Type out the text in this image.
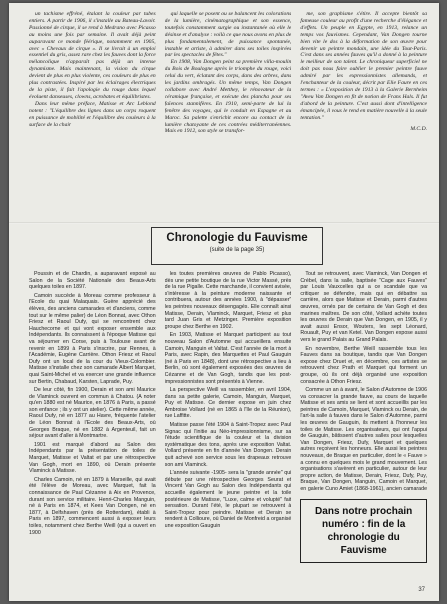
un tachisme effréné, étalant la couleur par tubes entiers. A partir de 1906, il s'installe au Bateau-Lavoir. Passionné de cirque, il se rend à Medrano avec Picasso au moins une fois par semaine. Il avait déjà peint auparavant ce monde féérique, notamment en 1905, avec « Chevaux de cirque ». Il se livrait à un emploi essentiel du gris, assez rare chez les fauves dont la force mélancolique n'apparaît pas déjà un intense dynamisme. Mais maintenant, la vision du cirque devient de plus en plus violente, ces couleurs de plus en plus contrastées. Inspiré par les éclairages électriques de la piste, il fait l'apologie du rouge dans lequel évoluent danseuses, clowns, acrobates et équilibristes.

Dans leur même préface, Matisse et Arc Leblond notent : "L'équilibre des lignes dans un corps roquent en puissance de mobilité et l'équilibre des couleurs à la surface de la chair

qui laquelle se posent ou se balancent les colorations de la lumière, cinématographique et son essence, toutefois constamment surgie ou instantanée où elle le désinse et d'analyse : voilà ce que nous avons en plus de plus fondamentalement, de puissance spontanée, instable et artiste, à admirer dans ses toiles inspirées par les spectacles de fêtes."

En 1908, Van Dongen peint sa première villa-moulin du Bois de Boulogne après le triomphe du rouge, voici celui du vert, éclatant des corps, dans des arbres, dans les jardins ombragés. Un même temps, Van Dongen collabore avec André Metthey, le rénovateur de la céramique française, et exécute des plancha pour ses faïences stannifères. En 1910, semi-parte de lui la fenêtre des voyages, qui le conduit en Espagne et au Maroc. Sa palette s'enrichit encore au contact de la lumière chatoyante de ces contrées méditerranéennes. Mais en 1912, son style se transfor-

me, son graphisme s'étire. Il accepte bientôt sa fameuse couleur au profit d'une recherche d'élégance et d'effets. Un peuple en Egypte, en 1913, relance un temps vos fauvismes. Cependant, Van Dongen tourne bien vite le dos à la déformation de son œuvre pour devenir un peintre mondain, une idée du Tout-Paris. C'est dans ses années fauves qu'il a donné à la peinture le meilleur de son talent. Le chroniqueur superficiel ne doit pas nous faire oublier le premier peintre fauve admiré par les expressionnistes allemands, et l'enchanteur de la couleur, décrit par Elie Faure en ces termes : « L'exposition de 1913 à la Galerie Bernheim "Aveu Van Dongen en fit de notion de Frans Hals. Il fut d'abord de la peinture. C'est aussi dont d'intelligence émancipée, il vous le rend en matière nouvelle à la seule tentation."

M.C.D.
Chronologie du Fauvisme
(suite de la page 35)

Poussin et de Chardin, a auparavant exposé au Salon de la Société Nationale des Beaux-Arts quelques toiles en 1897.

Camoin succède à Moreau comme professeur à l'Ecole du quai Malaquais. Guère apprécié des élèves, des anciens camarades et d'anciens, comme tout sur le même palier) de Léon Bonnat, avec Othon Friesz et Raoul Dufy, qui se rencontrent chez Hauchecorne et qui vont exposer ensemble aux Indépendants. Ils connaissent à l'époque Matisse qui va séjourner en Corse, puis à Toulouse avant de revenir en 1899 à Paris s'inscrire, par Rennes, à l'Académie, Eugène Carrière. Othon Friesz et Raoul Dufy ont un local de la cour du Vieux-Colombier. Matisse s'installe chez son camarade Albert Marquet, quai Saint-Michel et va exercer une grande influence sur Bertin, Chabaud, Karsten, Laprade, Puy.

De leur côté, fin 1900, Derain et son ami Maurice de Vlaminck ouvrent en commun à Chatou. (A noter qu'en 1880 est né Maurice, en 1876 à Paris, a passé son enfance ; ils y ont un atelier). Cette même année, Raoul Dufy, né en 1877 au Havre, fréquente l'atelier de Léon Bonnat à l'Ecole des Beaux-Arts, où Georges Braque, né en 1882 à Argenteuil, fait un séjour avant d'aller à Montmartre.

1901 est marqué d'abord au Salon des Indépendants par la présentation de toiles de Marquet, Matisse et Valtat et par une rétrospective Van Gogh, mort en 1890, où Derain présente Vlaminck à Matisse.

Charles Camoin, né en 1879 à Marseille, qui avait été l'élève de Moreau, avec Marquet, fait la connaissance de Paul Cézanne à Aix en Provence, durant son service militaire. Henri-Charles Manguin, né à Paris en 1874, et Kees Van Dongen, né en 1877, à Delfshaven (près de Rotterdam), établi à Paris en 1897, commencent aussi à exposer leurs toiles, notamment chez Berthe Weill (qui a ouvert en 1900

les toutes premières œuvres de Pablo Picasso), dès une petite boutique de la rue Victor Massé, près de la rue Pigalle. Cette marchande, il convient avisée, s'intéresse à la peinture moderne naissante et contribuera, autour des années 1900, à "dépasser" les peintres nouveaux désengagés. Elle connaît ainsi Matisse, Derain, Vlaminck, Marquet, Friesz et plus tard Juan Gris et Metzinger. Première exposition groupe chez Berthe en 1902.

En 1903, Matisse et Marquet participent au tout nouveau Salon d'Automne qui accueillera ensuite Camoin, Manguin et Valtat. C'est l'année de la mort à Paris, avec Rapin, des Marquettes et Paul Gauguin (né à Paris en 1848), dont une rétrospective a lieu à Berlin, où sont également exposées des œuvres de Cézanne et de Van Gogh, tandis que les post-impressionnistes sont présentés à Vienne.

La perspective Weill va rassembler, en avril 1904, dans sa petite galerie, Camoin, Manguin, Marquet, Puy et Matisse. Ce dernier expose en juin chez Ambroise Vollard (né en 1865 à l'île de la Réunion), rue Laffitte.

Matisse passe l'été 1904 à Saint-Tropez avec Paul Signac qui l'initie au Néo-impressionnisme, sur sa l'étude scientifique de la couleur et la division systématique des tons, après une exposition Valtat. Vollard présente en fin d'année Van Dongen. Derain quit achevé son service sous les drapeaux retrouve son ami Vlaminck.

L'année suivante -1905- sera la "grande année" qui débute par une rétrospective Georges Seurat et Vincent Van Gogh au Salon des Indépendants qui accueille également le jeune peintre et la toile postérieure de Matisse, "Luxe, calme et volupté" fait sensation. Durant l'été, le plupart se retrouvent à Saint-Tropez pour peindre. Matisse et Derain se rendent à Collioure, où Daniel de Monfreid a organisé une exposition Gauguin

Tout se retrouvent, avec Vlaminck, Van Dongen et Crébel, dans la salle, baptisée "Cage aux Fauves" par Louis Vauxcelles qui a ce scandale que va critiquer se défendre, mais qui en débattre sa carrière, alors que Matisse et Derain, parmi d'autres œuvres, ornés par de certains de Van Gogh et des marines maîtres. De son côté, Vollard achète toutes les œuvres de Derain que Van Dongen, en 1905, il y avait aussi Ensor, Wouters, les sept Léonard, Rouault, Puy et van Ketel. Van Dongen expose aussi vers le grand Palais au Grand Palais.

En novembre, Berthe Weill rassemble tous les Fauves dans sa boutique, tandis que Van Dongen expose chez Druet et, en décembre, ces artistes se retrouvent chez Prath et Marquet qui forment un groupe, où ils ont déjà organisé une exposition consacrée à Othon Friesz.

Comme un an à avant, le Salon d'Automne de 1906 va consacrer la grande fauve, au cours de laquelle Matisse et ses amis se lient et sont accueillis par les peintres de Camoin, Marquet, Vlaminck ou Derain, de l'art-la salle à fauves dans le Salon d'Automne, parmi les œuvres de Gauguin, ils mettent à l'honneur les toiles de Matisse. Les organisateurs, qui ont l'appui de Gauguin, bâtissent d'autres salles pour lesquelles Van Dongen, Friesz, Dufy, Marquet et quelques autres reçoivent les honneurs. Elle aussi les peintres nouveaux, de Braque en particulier, dont le « Fauve » a connu en quelques mois le grand mouvement. Les organisations s'avèrent en particulier, autour de leur propre action, de Matisse, Derain, Friesz, Dufy, Puy, Braque, Van Dongen, Manguin, Camoin et Marquet, en galerie Cuno Amiet (1868-1961), ancien camarade

Dans notre prochain numéro : fin de la chronologie du Fauvisme
37
